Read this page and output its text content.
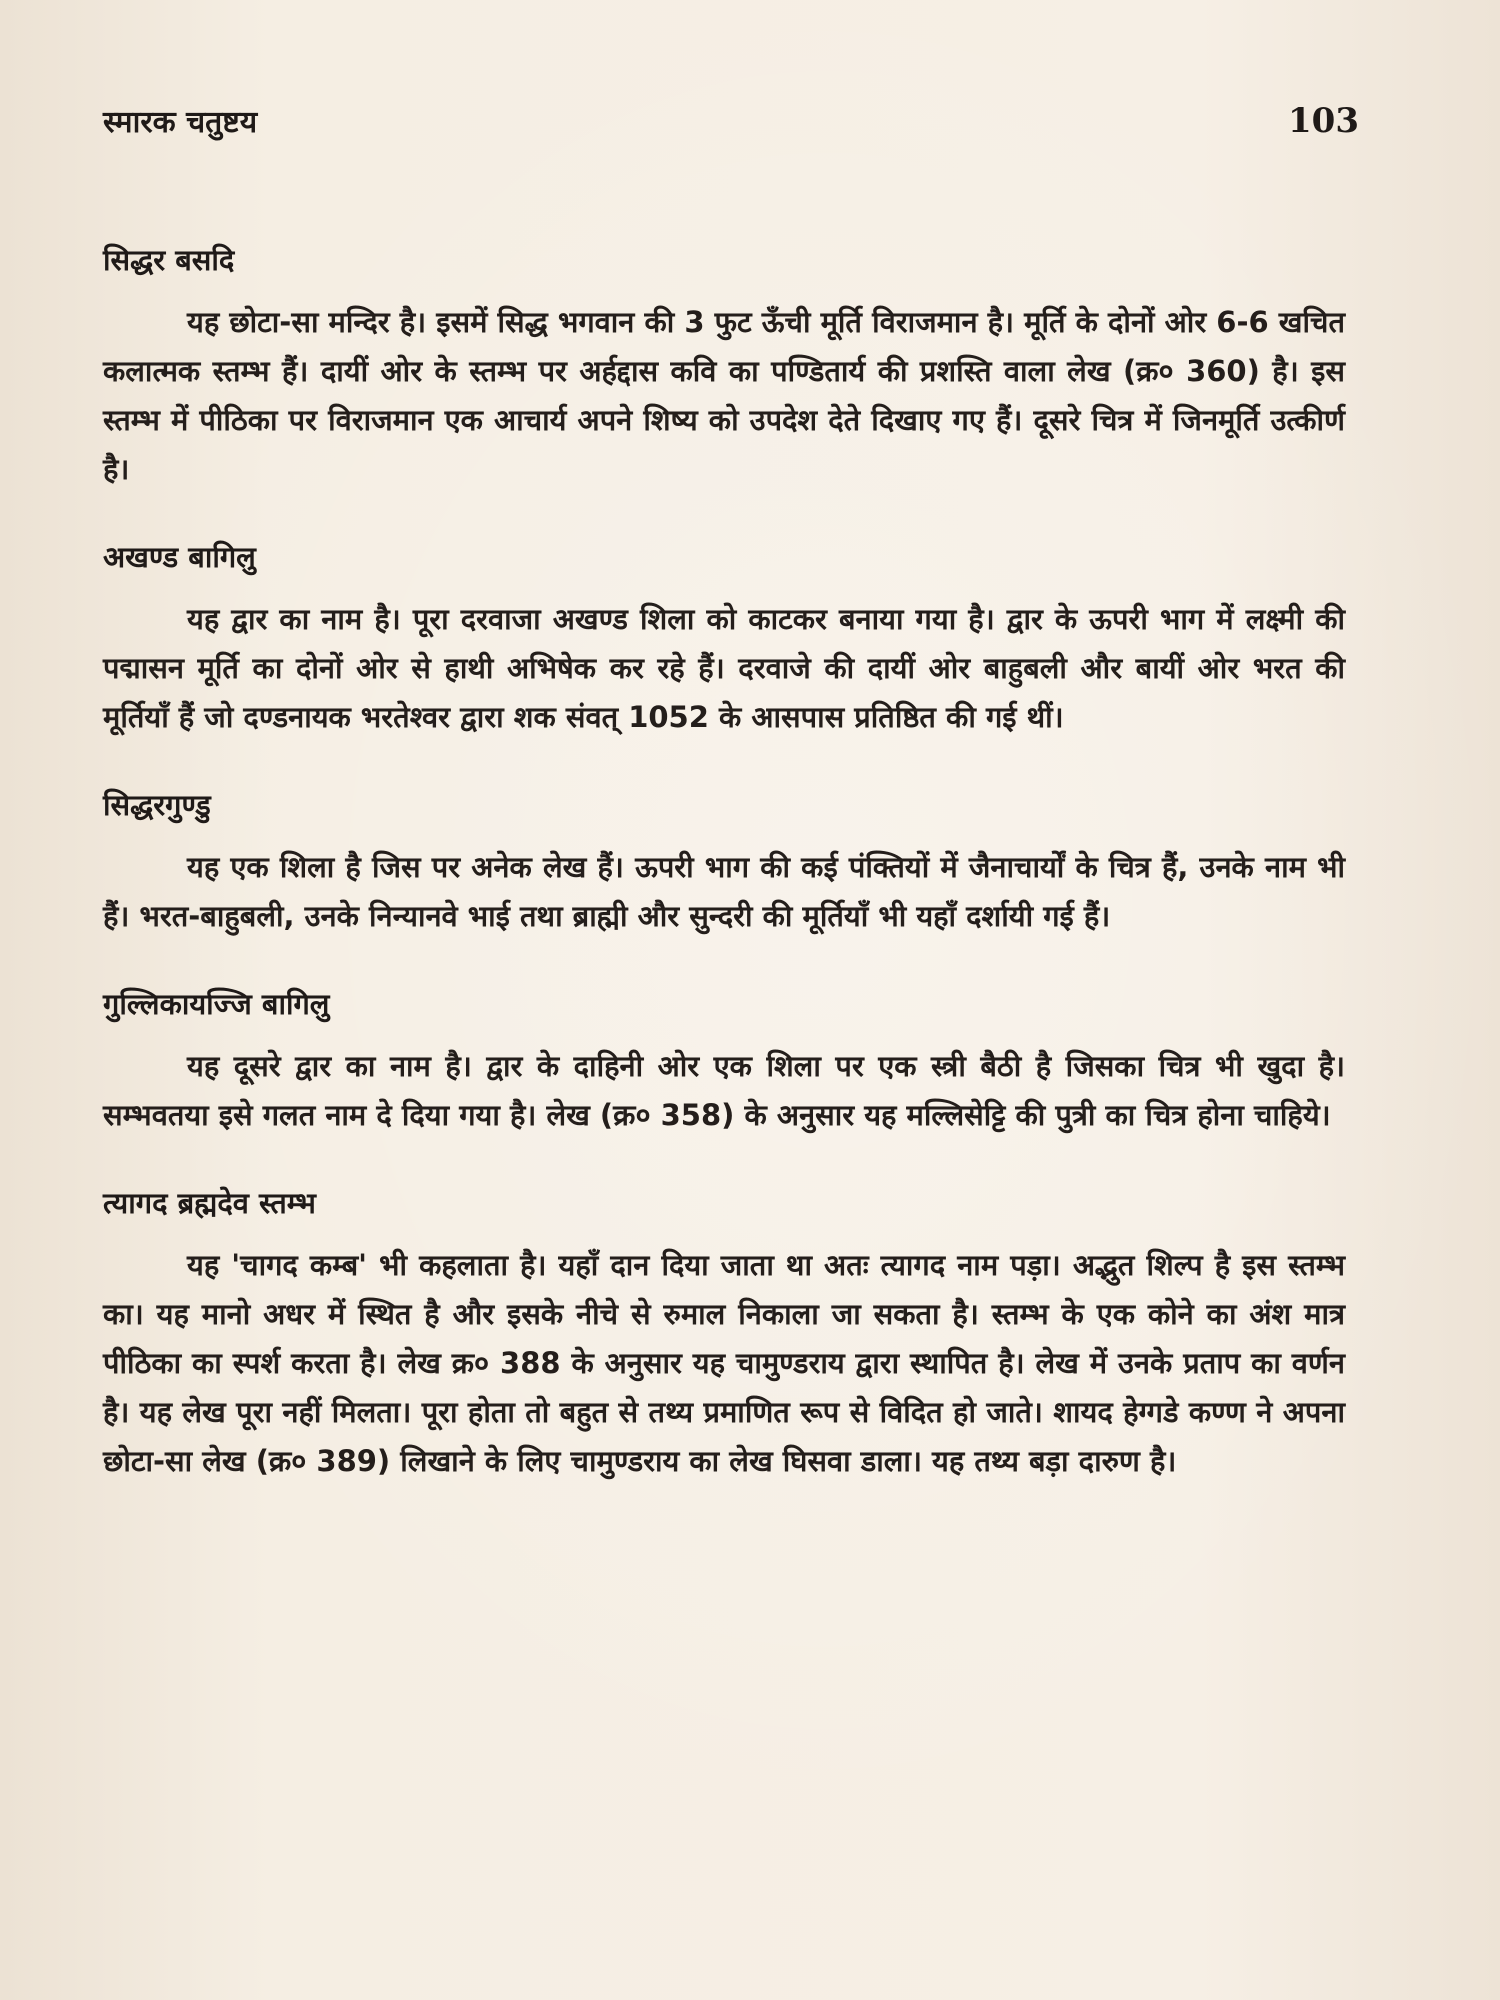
स्मारक चतुष्टय	103
सिद्धर बसदि

यह छोटा-सा मन्दिर है। इसमें सिद्ध भगवान की 3 फुट ऊँची मूर्ति विराजमान है। मूर्ति के दोनों ओर 6-6 खचित कलात्मक स्तम्भ हैं। दायीं ओर के स्तम्भ पर अर्हद्दास कवि का पण्डितार्य की प्रशस्ति वाला लेख (क्र० 360) है। इस स्तम्भ में पीठिका पर विराजमान एक आचार्य अपने शिष्य को उपदेश देते दिखाए गए हैं। दूसरे चित्र में जिनमूर्ति उत्कीर्ण है।

अखण्ड बागिलु

यह द्वार का नाम है। पूरा दरवाजा अखण्ड शिला को काटकर बनाया गया है। द्वार के ऊपरी भाग में लक्ष्मी की पद्मासन मूर्ति का दोनों ओर से हाथी अभिषेक कर रहे हैं। दरवाजे की दायीं ओर बाहुबली और बायीं ओर भरत की मूर्तियाँ हैं जो दण्डनायक भरतेश्वर द्वारा शक संवत् 1052 के आसपास प्रतिष्ठित की गई थीं।

सिद्धरगुण्डु

यह एक शिला है जिस पर अनेक लेख हैं। ऊपरी भाग की कई पंक्तियों में जैनाचार्यों के चित्र हैं, उनके नाम भी हैं। भरत-बाहुबली, उनके निन्यानवे भाई तथा ब्राह्मी और सुन्दरी की मूर्तियाँ भी यहाँ दर्शायी गई हैं।

गुल्लिकायज्जि बागिलु

यह दूसरे द्वार का नाम है। द्वार के दाहिनी ओर एक शिला पर एक स्त्री बैठी है जिसका चित्र भी खुदा है। सम्भवतया इसे गलत नाम दे दिया गया है। लेख (क्र० 358) के अनुसार यह मल्लिसेट्टि की पुत्री का चित्र होना चाहिये।

त्यागद ब्रह्मदेव स्तम्भ

यह 'चागद कम्ब' भी कहलाता है। यहाँ दान दिया जाता था अतः त्यागद नाम पड़ा। अद्भुत शिल्प है इस स्तम्भ का। यह मानो अधर में स्थित है और इसके नीचे से रुमाल निकाला जा सकता है। स्तम्भ के एक कोने का अंश मात्र पीठिका का स्पर्श करता है। लेख क्र० 388 के अनुसार यह चामुण्डराय द्वारा स्थापित है। लेख में उनके प्रताप का वर्णन है। यह लेख पूरा नहीं मिलता। पूरा होता तो बहुत से तथ्य प्रमाणित रूप से विदित हो जाते। शायद हेग्गडे कण्ण ने अपना छोटा-सा लेख (क्र० 389) लिखाने के लिए चामुण्डराय का लेख घिसवा डाला। यह तथ्य बड़ा दारुण है।
